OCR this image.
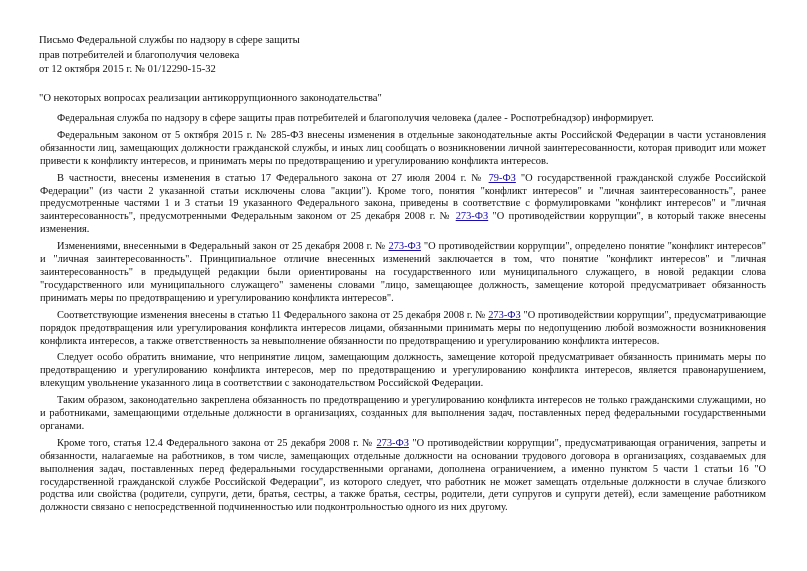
Письмо Федеральной службы по надзору в сфере защиты
прав потребителей и благополучия человека
от 12 октября 2015 г. № 01/12290-15-32
"О некоторых вопросах реализации антикоррупционного законодательства"

Федеральная служба по надзору в сфере защиты прав потребителей и благополучия человека (далее - Роспотребнадзор) информирует.

Федеральным законом от 5 октября 2015 г. № 285-ФЗ внесены изменения в отдельные законодательные акты Российской Федерации в части установления обязанности лиц, замещающих должности гражданской службы, и иных лиц сообщать о возникновении личной заинтересованности, которая приводит или может привести к конфликту интересов, и принимать меры по предотвращению и урегулированию конфликта интересов.

В частности, внесены изменения в статью 17 Федерального закона от 27 июля 2004 г. № 79-ФЗ "О государственной гражданской службе Российской Федерации" (из части 2 указанной статьи исключены слова "акции"). Кроме того, понятия "конфликт интересов" и "личная заинтересованность", ранее предусмотренные частями 1 и 3 статьи 19 указанного Федерального закона, приведены в соответствие с формулировками "конфликт интересов" и "личная заинтересованность", предусмотренными Федеральным законом от 25 декабря 2008 г. № 273-ФЗ "О противодействии коррупции", в который также внесены изменения.

Изменениями, внесенными в Федеральный закон от 25 декабря 2008 г. № 273-ФЗ "О противодействии коррупции", определено понятие "конфликт интересов" и "личная заинтересованность". Принципиальное отличие внесенных изменений заключается в том, что понятие "конфликт интересов" и "личная заинтересованность" в предыдущей редакции были ориентированы на государственного или муниципального служащего, в новой редакции слова "государственного или муниципального служащего" заменены словами "лицо, замещающее должность, замещение которой предусматривает обязанность принимать меры по предотвращению и урегулированию конфликта интересов".

Соответствующие изменения внесены в статью 11 Федерального закона от 25 декабря 2008 г. № 273-ФЗ "О противодействии коррупции", предусматривающие порядок предотвращения или урегулирования конфликта интересов лицами, обязанными принимать меры по недопущению любой возможности возникновения конфликта интересов, а также ответственность за невыполнение обязанности по предотвращению и урегулированию конфликта интересов.

Следует особо обратить внимание, что непринятие лицом, замещающим должность, замещение которой предусматривает обязанность принимать меры по предотвращению и урегулированию конфликта интересов, мер по предотвращению и урегулированию конфликта интересов, является правонарушением, влекущим увольнение указанного лица в соответствии с законодательством Российской Федерации.

Таким образом, законодательно закреплена обязанность по предотвращению и урегулированию конфликта интересов не только гражданскими служащими, но и работниками, замещающими отдельные должности в организациях, созданных для выполнения задач, поставленных перед федеральными государственными органами.

Кроме того, статья 12.4 Федерального закона от 25 декабря 2008 г. № 273-ФЗ "О противодействии коррупции", предусматривающая ограничения, запреты и обязанности, налагаемые на работников, в том числе, замещающих отдельные должности на основании трудового договора в организациях, создаваемых для выполнения задач, поставленных перед федеральными государственными органами, дополнена ограничением, а именно пунктом 5 части 1 статьи 16 "О государственной гражданской службе Российской Федерации", из которого следует, что работник не может замещать отдельные должности в случае близкого родства или свойства (родители, супруги, дети, братья, сестры, а также братья, сестры, родители, дети супругов и супруги детей), если замещение работником должности связано с непосредственной подчиненностью или подконтрольностью одного из них другому.
